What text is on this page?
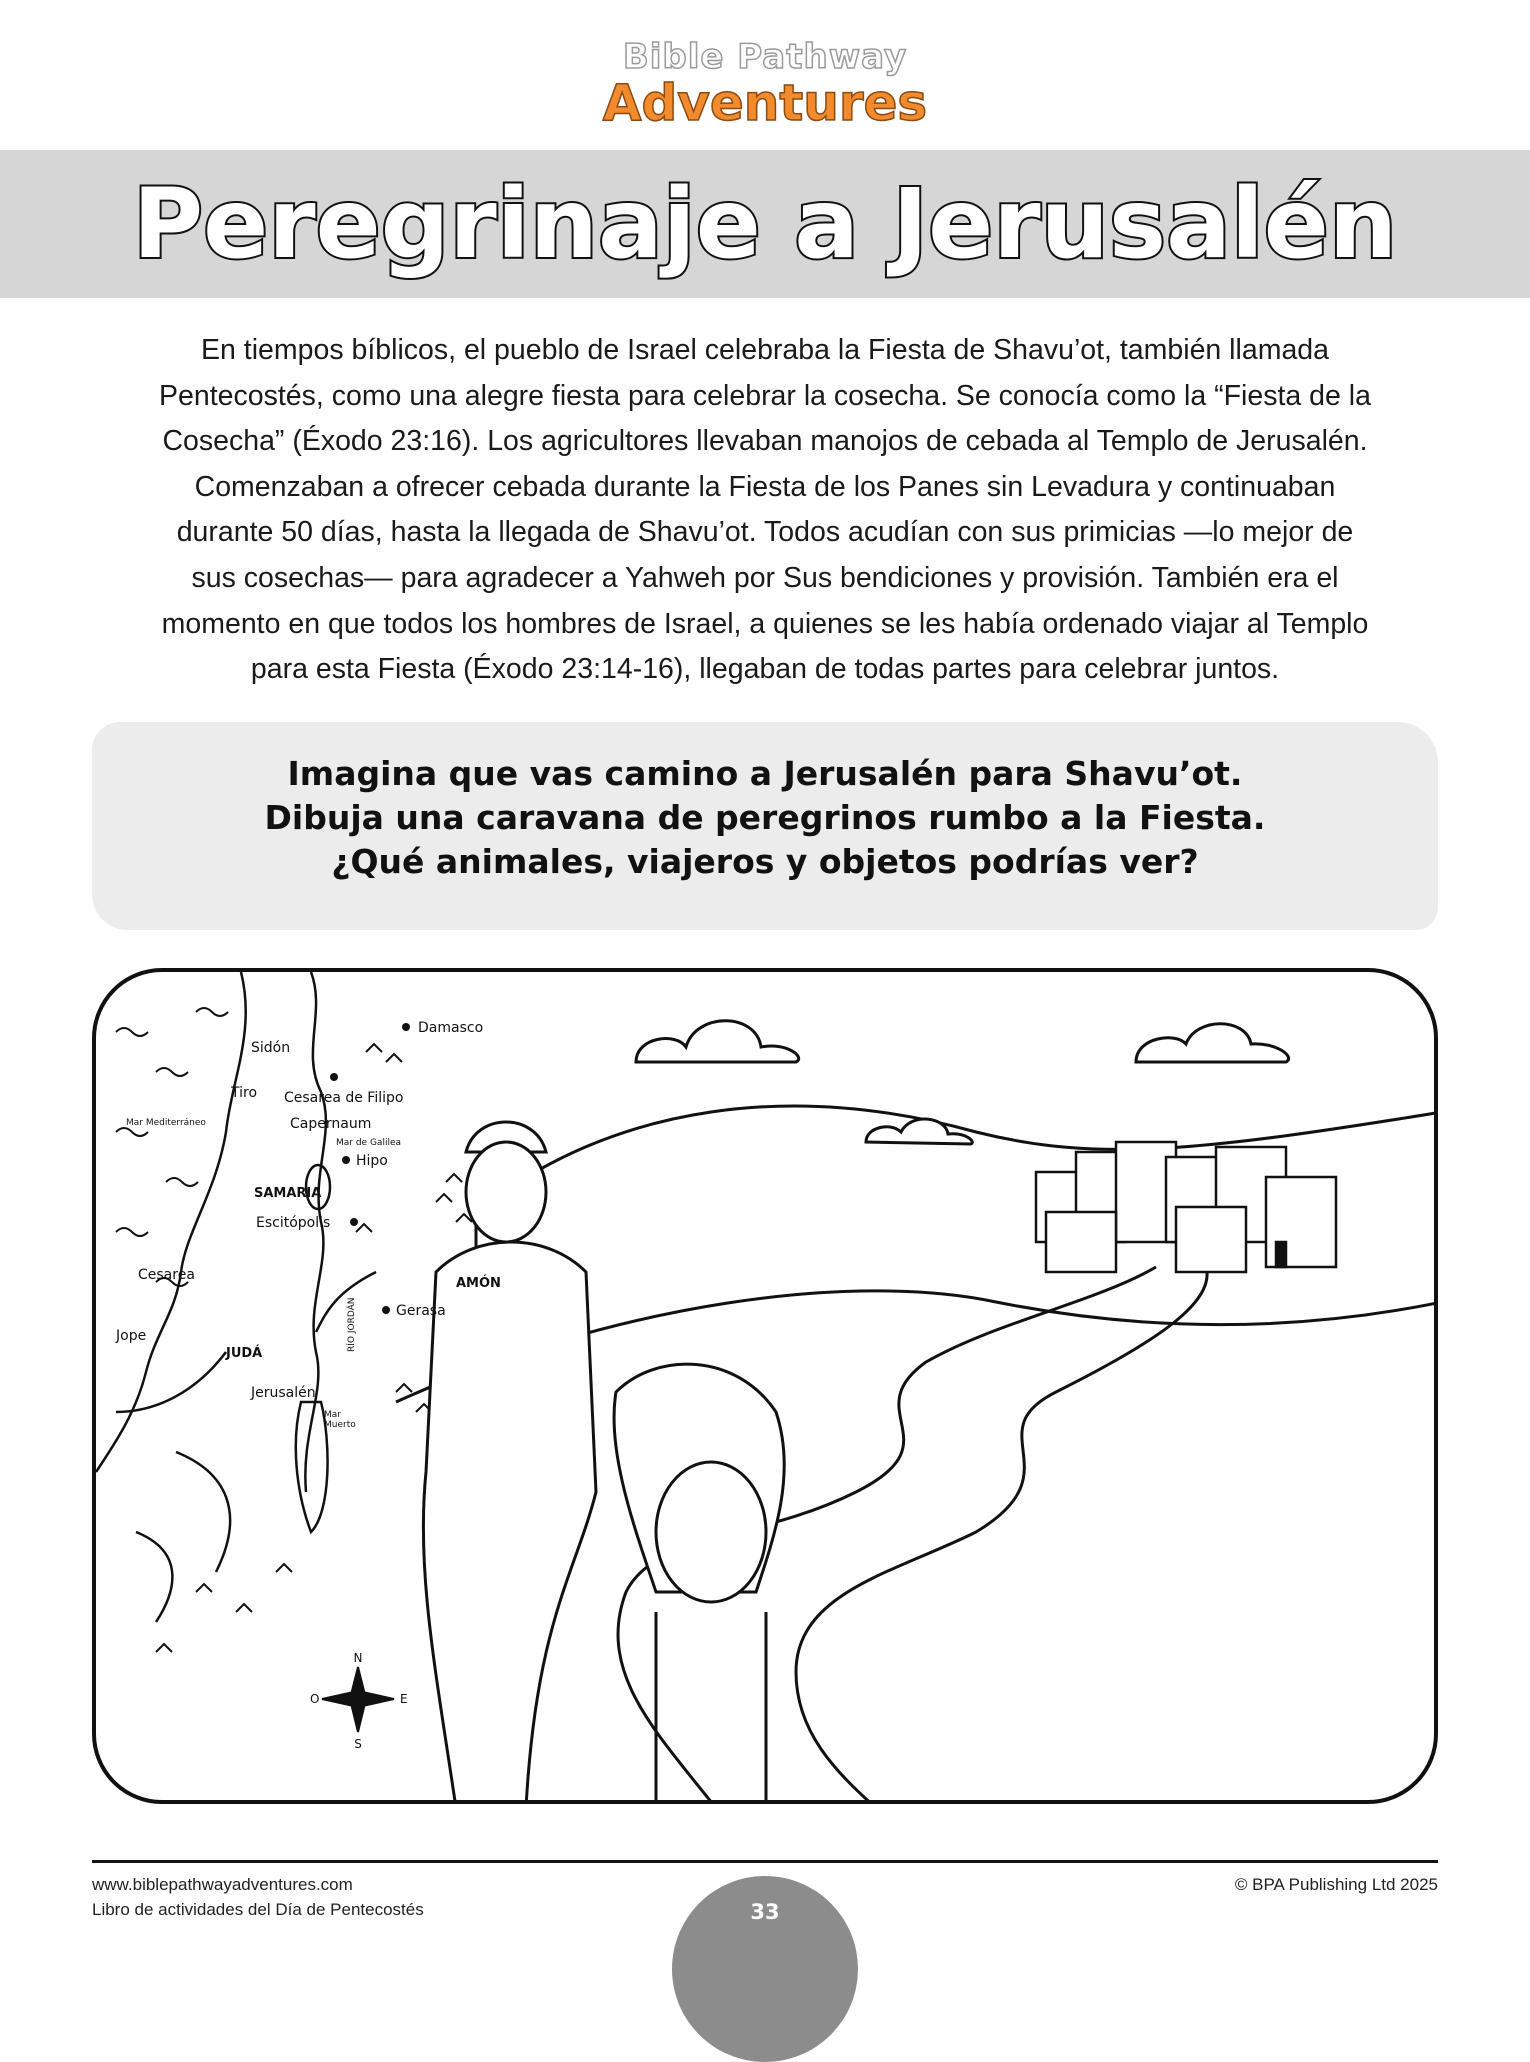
Bible Pathway
Adventures
Peregrinaje a Jerusalén
En tiempos bíblicos, el pueblo de Israel celebraba la Fiesta de Shavu’ot, también llamada
Pentecostés, como una alegre fiesta para celebrar la cosecha. Se conocía como la “Fiesta de la
Cosecha” (Éxodo 23:16). Los agricultores llevaban manojos de cebada al Templo de Jerusalén.
Comenzaban a ofrecer cebada durante la Fiesta de los Panes sin Levadura y continuaban
durante 50 días, hasta la llegada de Shavu’ot. Todos acudían con sus primicias —lo mejor de
sus cosechas— para agradecer a Yahweh por Sus bendiciones y provisión. También era el
momento en que todos los hombres de Israel, a quienes se les había ordenado viajar al Templo
para esta Fiesta (Éxodo 23:14-16), llegaban de todas partes para celebrar juntos.
Imagina que vas camino a Jerusalén para Shavu’ot.
Dibuja una caravana de peregrinos rumbo a la Fiesta.
¿Qué animales, viajeros y objetos podrías ver?
Damasco
Sidón
Tiro Cesarea de Filipo
Capernaum
Mar Mediterráneo
Mar de Galilea
Hipo
SAMARIA
Escitópolis
Cesarea
AMÓN
RÍO JORDÁN	Gerasa
Jope
JUDÁ
Jerusalén
Mar
Muerto
N
S
E
O
www.biblepathwayadventures.com
Libro de actividades del Día de Pentecostés
© BPA Publishing Ltd 2025
33
